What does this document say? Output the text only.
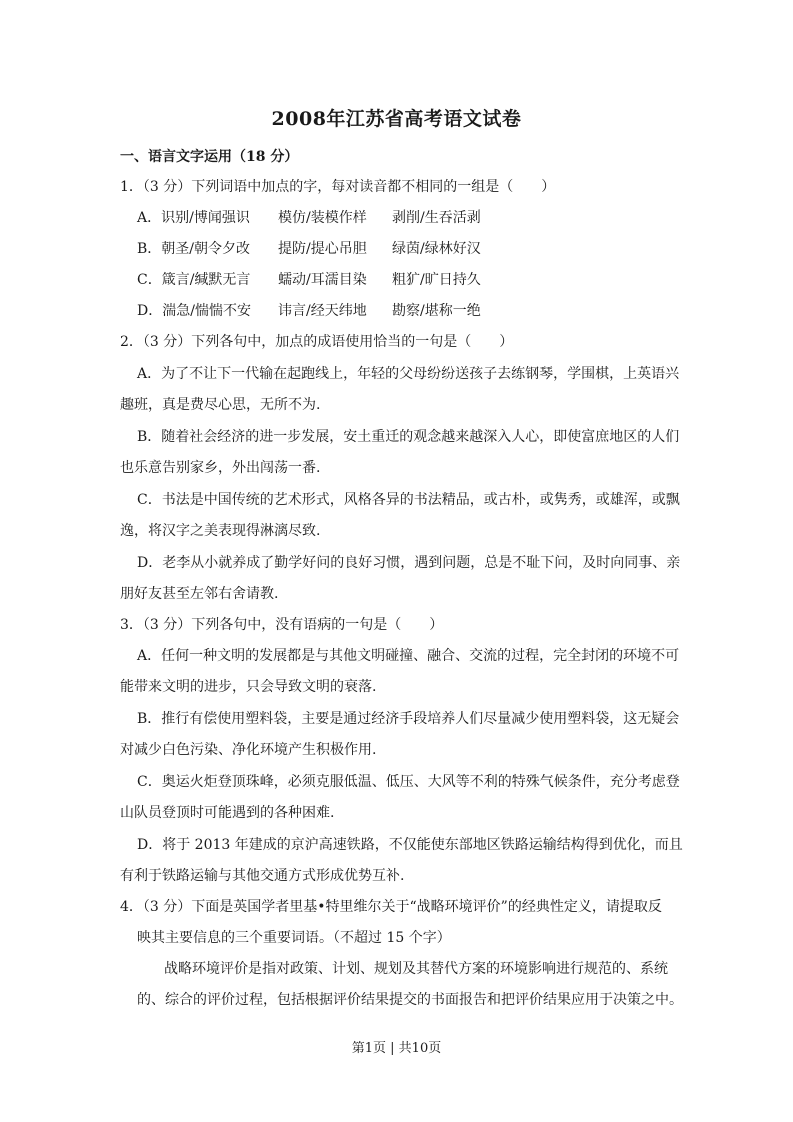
2008年江苏省高考语文试卷
一、语言文字运用（18 分）
1．（3 分）下列词语中加点的字，每对读音都不相同的一组是（　　）
A．识别/博闻强识	模仿/装模作样	剥削/生吞活剥
B．朝圣/朝令夕改	提防/提心吊胆	绿茵/绿林好汉
C．箴言/缄默无言	蠕动/耳濡目染	粗犷/旷日持久
D．湍急/惴惴不安	讳言/经天纬地	勘察/堪称一绝
2．（3 分）下列各句中，加点的成语使用恰当的一句是（　　）
A．为了不让下一代输在起跑线上，年轻的父母纷纷送孩子去练钢琴，学围棋，上英语兴
趣班，真是费尽心思，无所不为.
B．随着社会经济的进一步发展，安土重迁的观念越来越深入人心，即使富庶地区的人们
也乐意告别家乡，外出闯荡一番.
C．书法是中国传统的艺术形式，风格各异的书法精品，或古朴，或隽秀，或雄浑，或飘
逸，将汉字之美表现得淋漓尽致.
D．老李从小就养成了勤学好问的良好习惯，遇到问题，总是不耻下问，及时向同事、亲
朋好友甚至左邻右舍请教.
3．（3 分）下列各句中，没有语病的一句是（　　）
A．任何一种文明的发展都是与其他文明碰撞、融合、交流的过程，完全封闭的环境不可
能带来文明的进步，只会导致文明的衰落.
B．推行有偿使用塑料袋，主要是通过经济手段培养人们尽量减少使用塑料袋，这无疑会
对减少白色污染、净化环境产生积极作用.
C．奥运火炬登顶珠峰，必须克服低温、低压、大风等不利的特殊气候条件，充分考虑登
山队员登顶时可能遇到的各种困难.
D．将于 2013 年建成的京沪高速铁路，不仅能使东部地区铁路运输结构得到优化，而且
有利于铁路运输与其他交通方式形成优势互补.
4．（3 分）下面是英国学者里基•特里维尔关于“战略环境评价”的经典性定义，请提取反
映其主要信息的三个重要词语。（不超过 15 个字）
战略环境评价是指对政策、计划、规划及其替代方案的环境影响进行规范的、系统
的、综合的评价过程，包括根据评价结果提交的书面报告和把评价结果应用于决策之中。
第1页 | 共10页
